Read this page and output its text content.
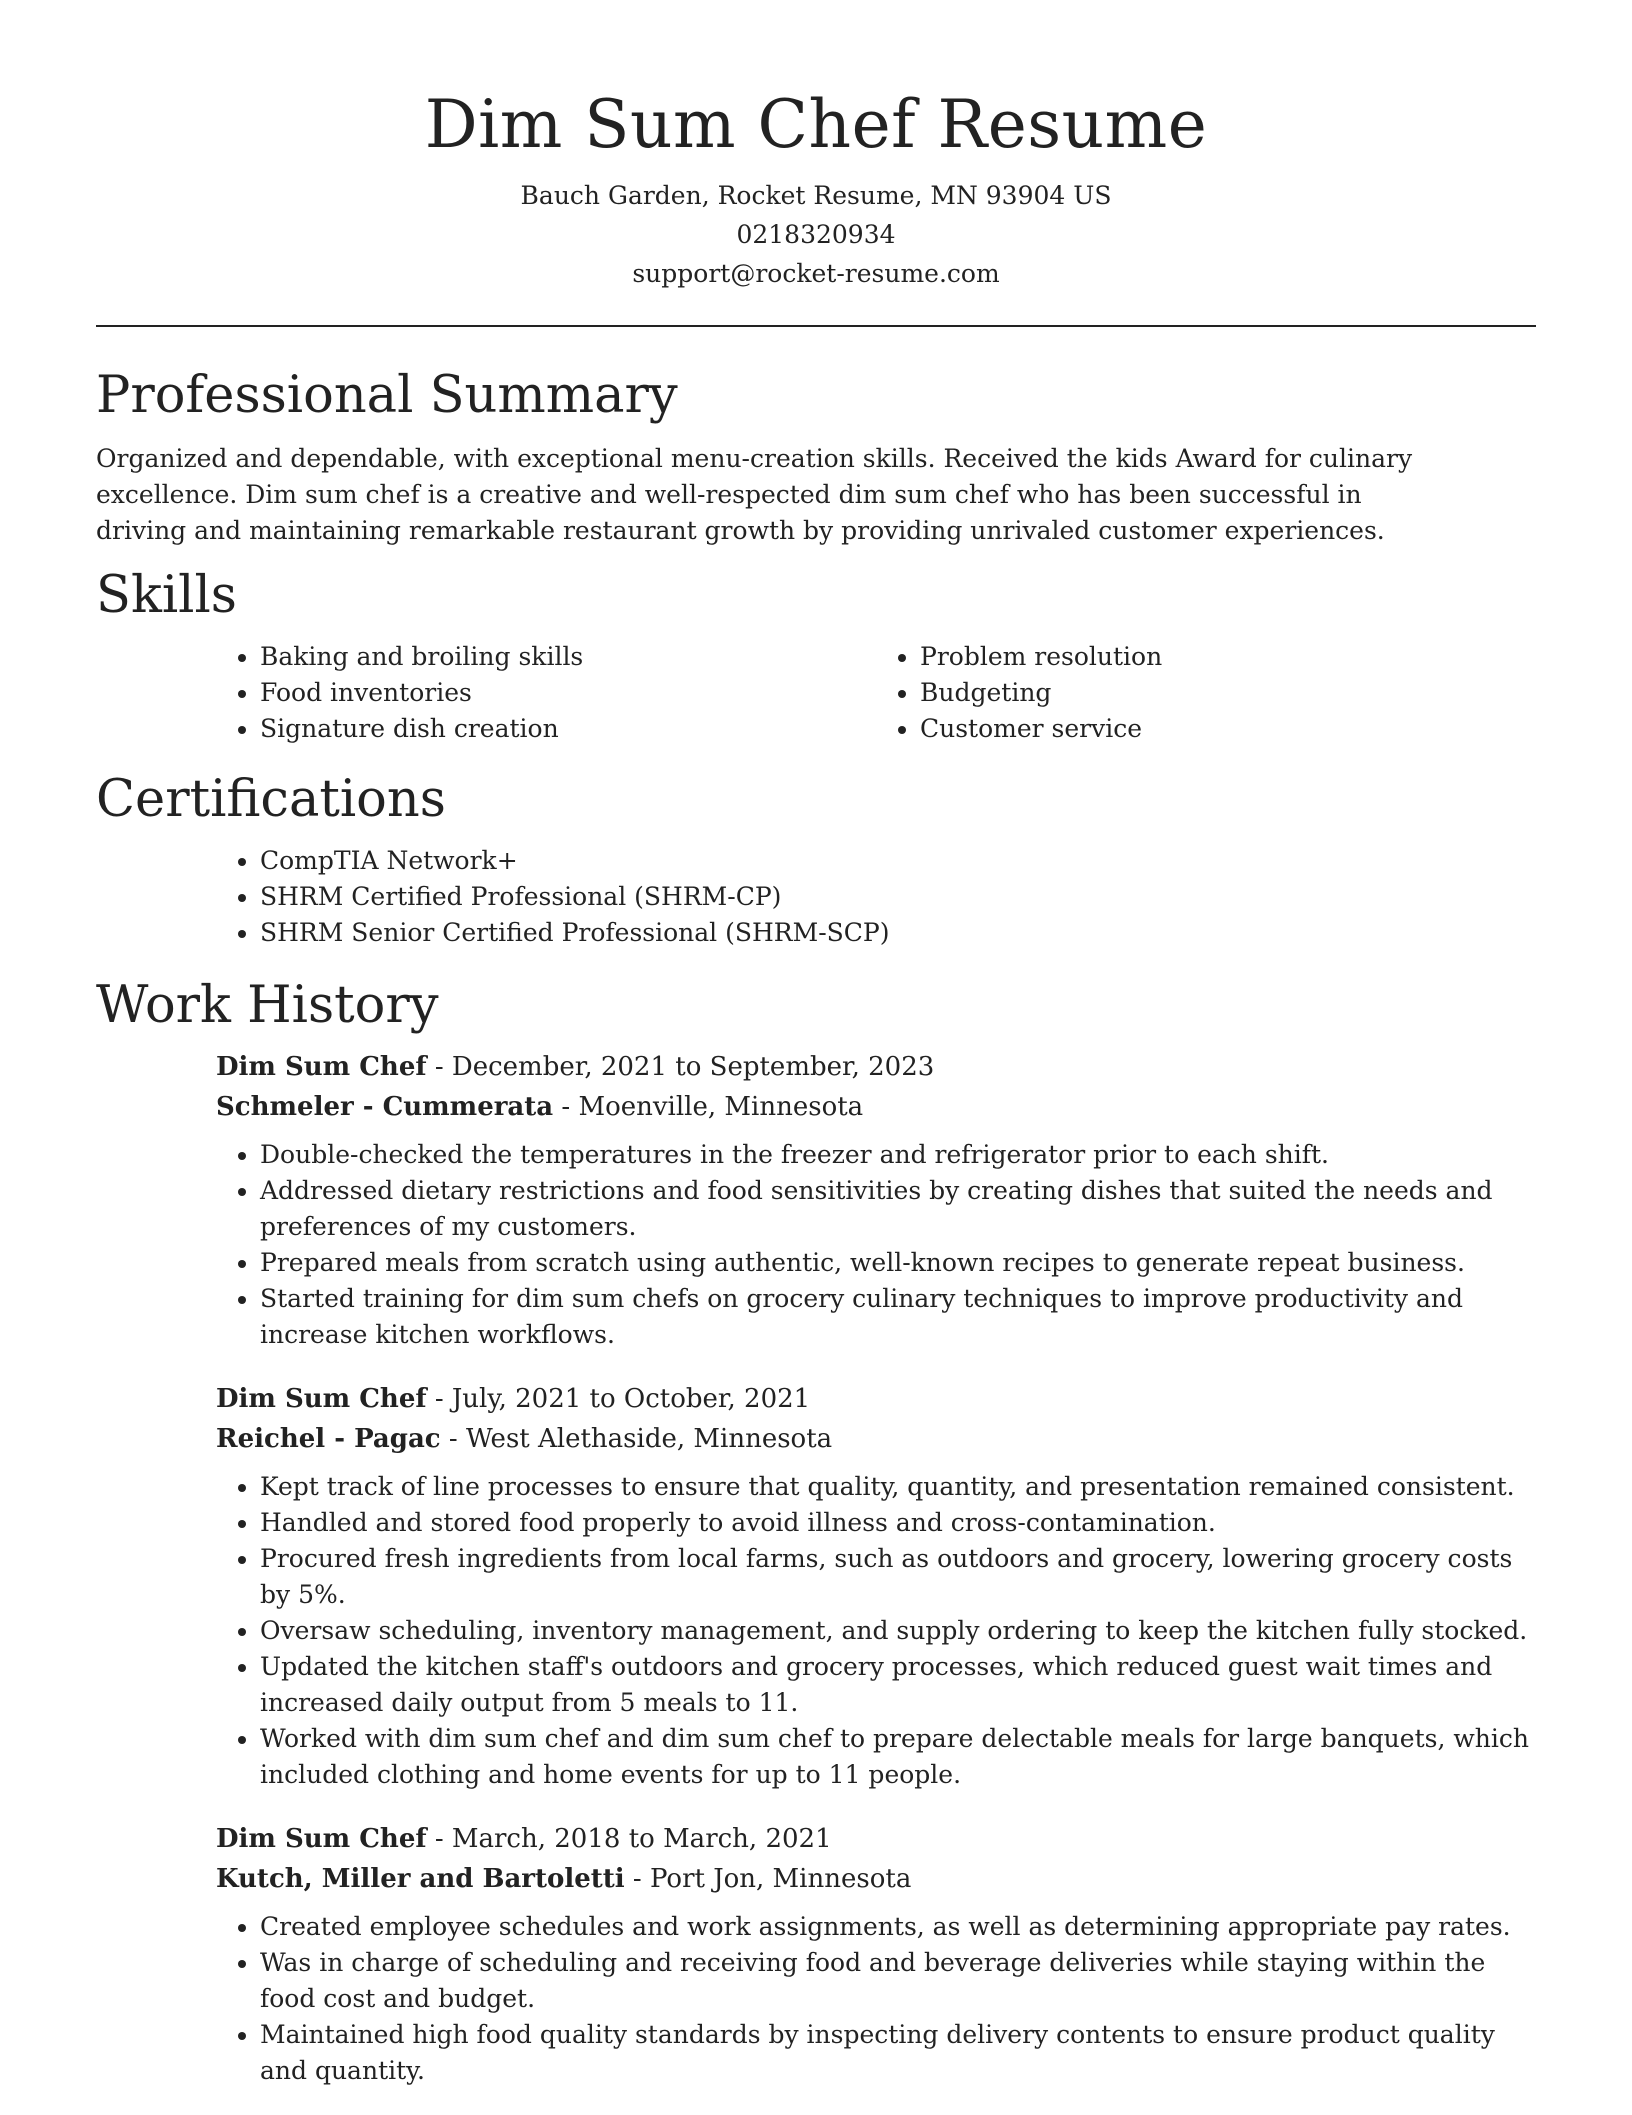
Dim Sum Chef Resume
Bauch Garden, Rocket Resume, MN 93904 US
0218320934
support@rocket-resume.com
Professional Summary

Organized and dependable, with exceptional menu-creation skills. Received the kids Award for culinary excellence. Dim sum chef is a creative and well-respected dim sum chef who has been successful in driving and maintaining remarkable restaurant growth by providing unrivaled customer experiences.

Skills
• Baking and broiling skills
• Food inventories
• Signature dish creation
• Problem resolution
• Budgeting
• Customer service
Certifications
• CompTIA Network+
• SHRM Certified Professional (SHRM-CP)
• SHRM Senior Certified Professional (SHRM-SCP)
Work History
Dim Sum Chef - December, 2021 to September, 2023
Schmeler - Cummerata - Moenville, Minnesota
• Double-checked the temperatures in the freezer and refrigerator prior to each shift.
• Addressed dietary restrictions and food sensitivities by creating dishes that suited the needs and preferences of my customers.
• Prepared meals from scratch using authentic, well-known recipes to generate repeat business.
• Started training for dim sum chefs on grocery culinary techniques to improve productivity and increase kitchen workflows.
Dim Sum Chef - July, 2021 to October, 2021
Reichel - Pagac - West Alethaside, Minnesota
• Kept track of line processes to ensure that quality, quantity, and presentation remained consistent.
• Handled and stored food properly to avoid illness and cross-contamination.
• Procured fresh ingredients from local farms, such as outdoors and grocery, lowering grocery costs by 5%.
• Oversaw scheduling, inventory management, and supply ordering to keep the kitchen fully stocked.
• Updated the kitchen staff's outdoors and grocery processes, which reduced guest wait times and increased daily output from 5 meals to 11.
• Worked with dim sum chef and dim sum chef to prepare delectable meals for large banquets, which included clothing and home events for up to 11 people.
Dim Sum Chef - March, 2018 to March, 2021
Kutch, Miller and Bartoletti - Port Jon, Minnesota
• Created employee schedules and work assignments, as well as determining appropriate pay rates.
• Was in charge of scheduling and receiving food and beverage deliveries while staying within the food cost and budget.
• Maintained high food quality standards by inspecting delivery contents to ensure product quality and quantity.
